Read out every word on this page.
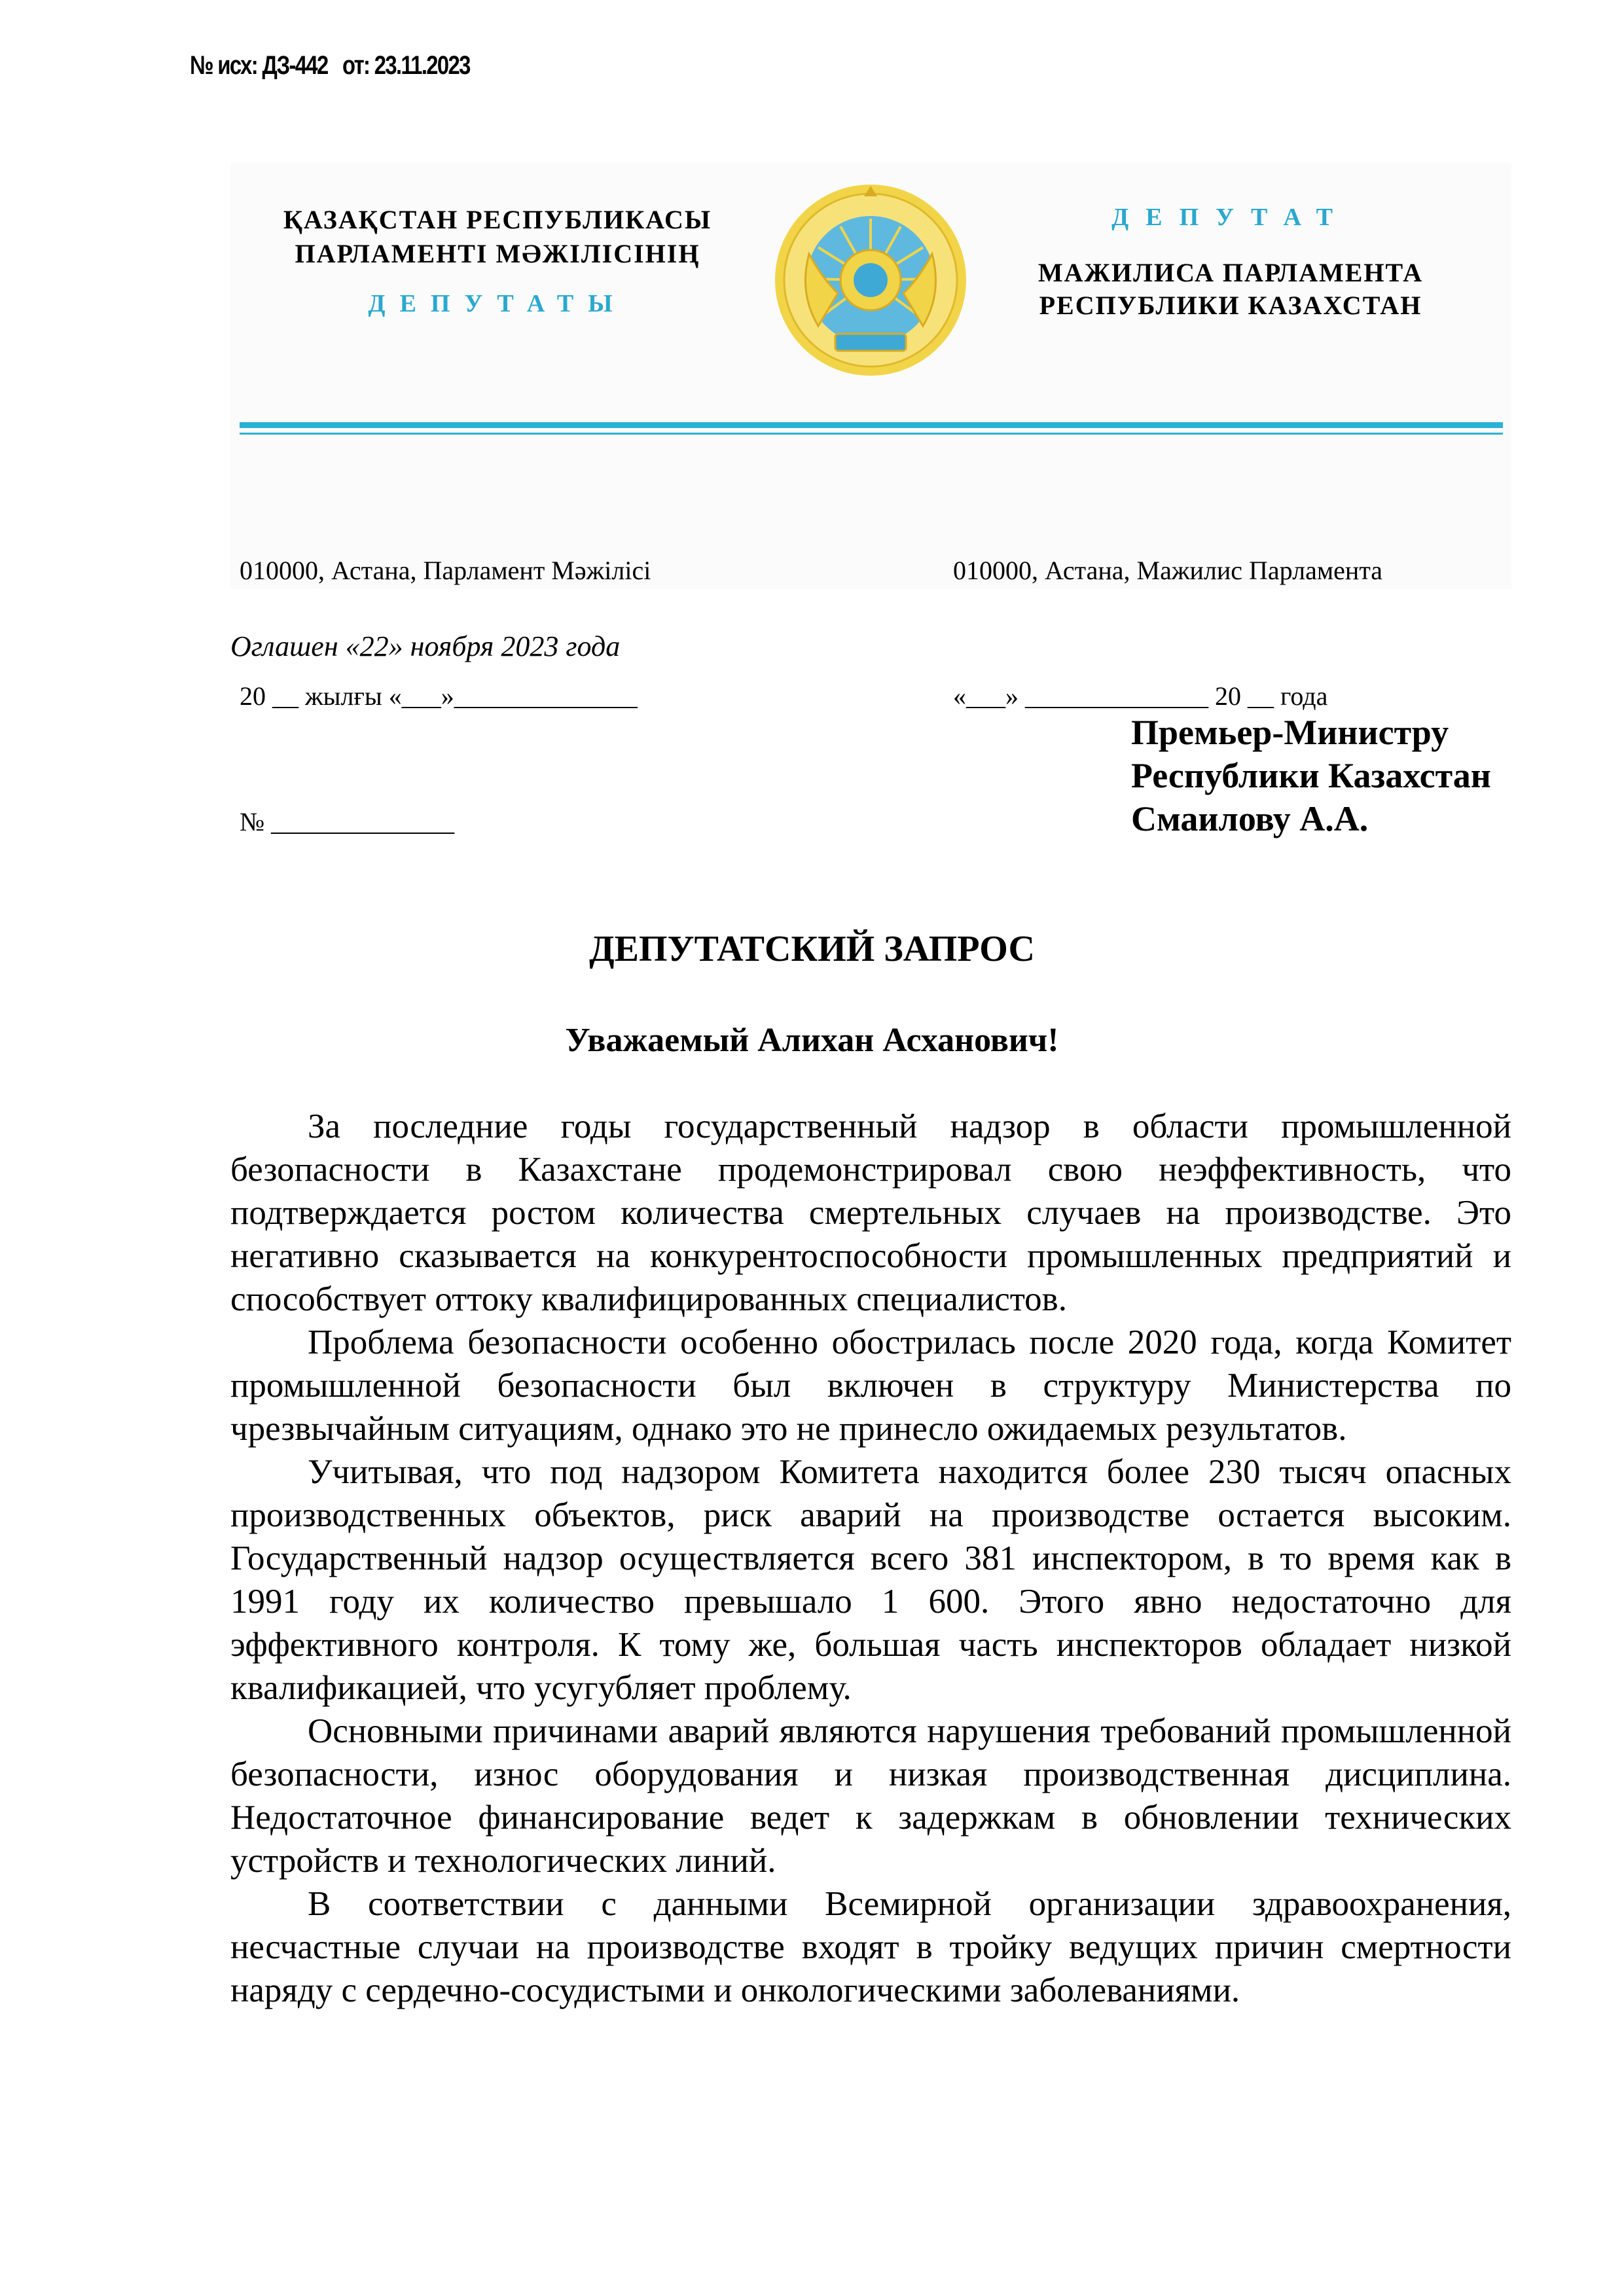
№ исх: ДЗ-442   от: 23.11.2023
ҚАЗАҚСТАН РЕСПУБЛИКАСЫ
ПАРЛАМЕНТІ МӘЖІЛІСІНІҢ
ДЕПУТАТЫ
ДЕПУТАТ
МАЖИЛИСА ПАРЛАМЕНТА
РЕСПУБЛИКИ КАЗАХСТАН

010000, Астана, Парламент Мәжілісі

20 __ жылғы «___»______________

№ ______________

010000, Астана, Мажилис Парламента

«___» ______________ 20 __ года

Оглашен «22» ноября 2023 года
Премьер-Министру
Республики Казахстан
Смаилову А.А.
ДЕПУТАТСКИЙ ЗАПРОС
Уважаемый Алихан Асханович!

За последние годы государственный надзор в области промышленной безопасности в Казахстане продемонстрировал свою неэффективность, что подтверждается ростом количества смертельных случаев на производстве. Это негативно сказывается на конкурентоспособности промышленных предприятий и способствует оттоку квалифицированных специалистов.

Проблема безопасности особенно обострилась после 2020 года, когда Комитет промышленной безопасности был включен в структуру Министерства по чрезвычайным ситуациям, однако это не принесло ожидаемых результатов.

Учитывая, что под надзором Комитета находится более 230 тысяч опасных производственных объектов, риск аварий на производстве остается высоким. Государственный надзор осуществляется всего 381 инспектором, в то время как в 1991 году их количество превышало 1 600. Этого явно недостаточно для эффективного контроля. К тому же, большая часть инспекторов обладает низкой квалификацией, что усугубляет проблему.

Основными причинами аварий являются нарушения требований промышленной безопасности, износ оборудования и низкая производственная дисциплина. Недостаточное финансирование ведет к задержкам в обновлении технических устройств и технологических линий.

В соответствии с данными Всемирной организации здравоохранения, несчастные случаи на производстве входят в тройку ведущих причин смертности наряду с сердечно-сосудистыми и онкологическими заболеваниями.
